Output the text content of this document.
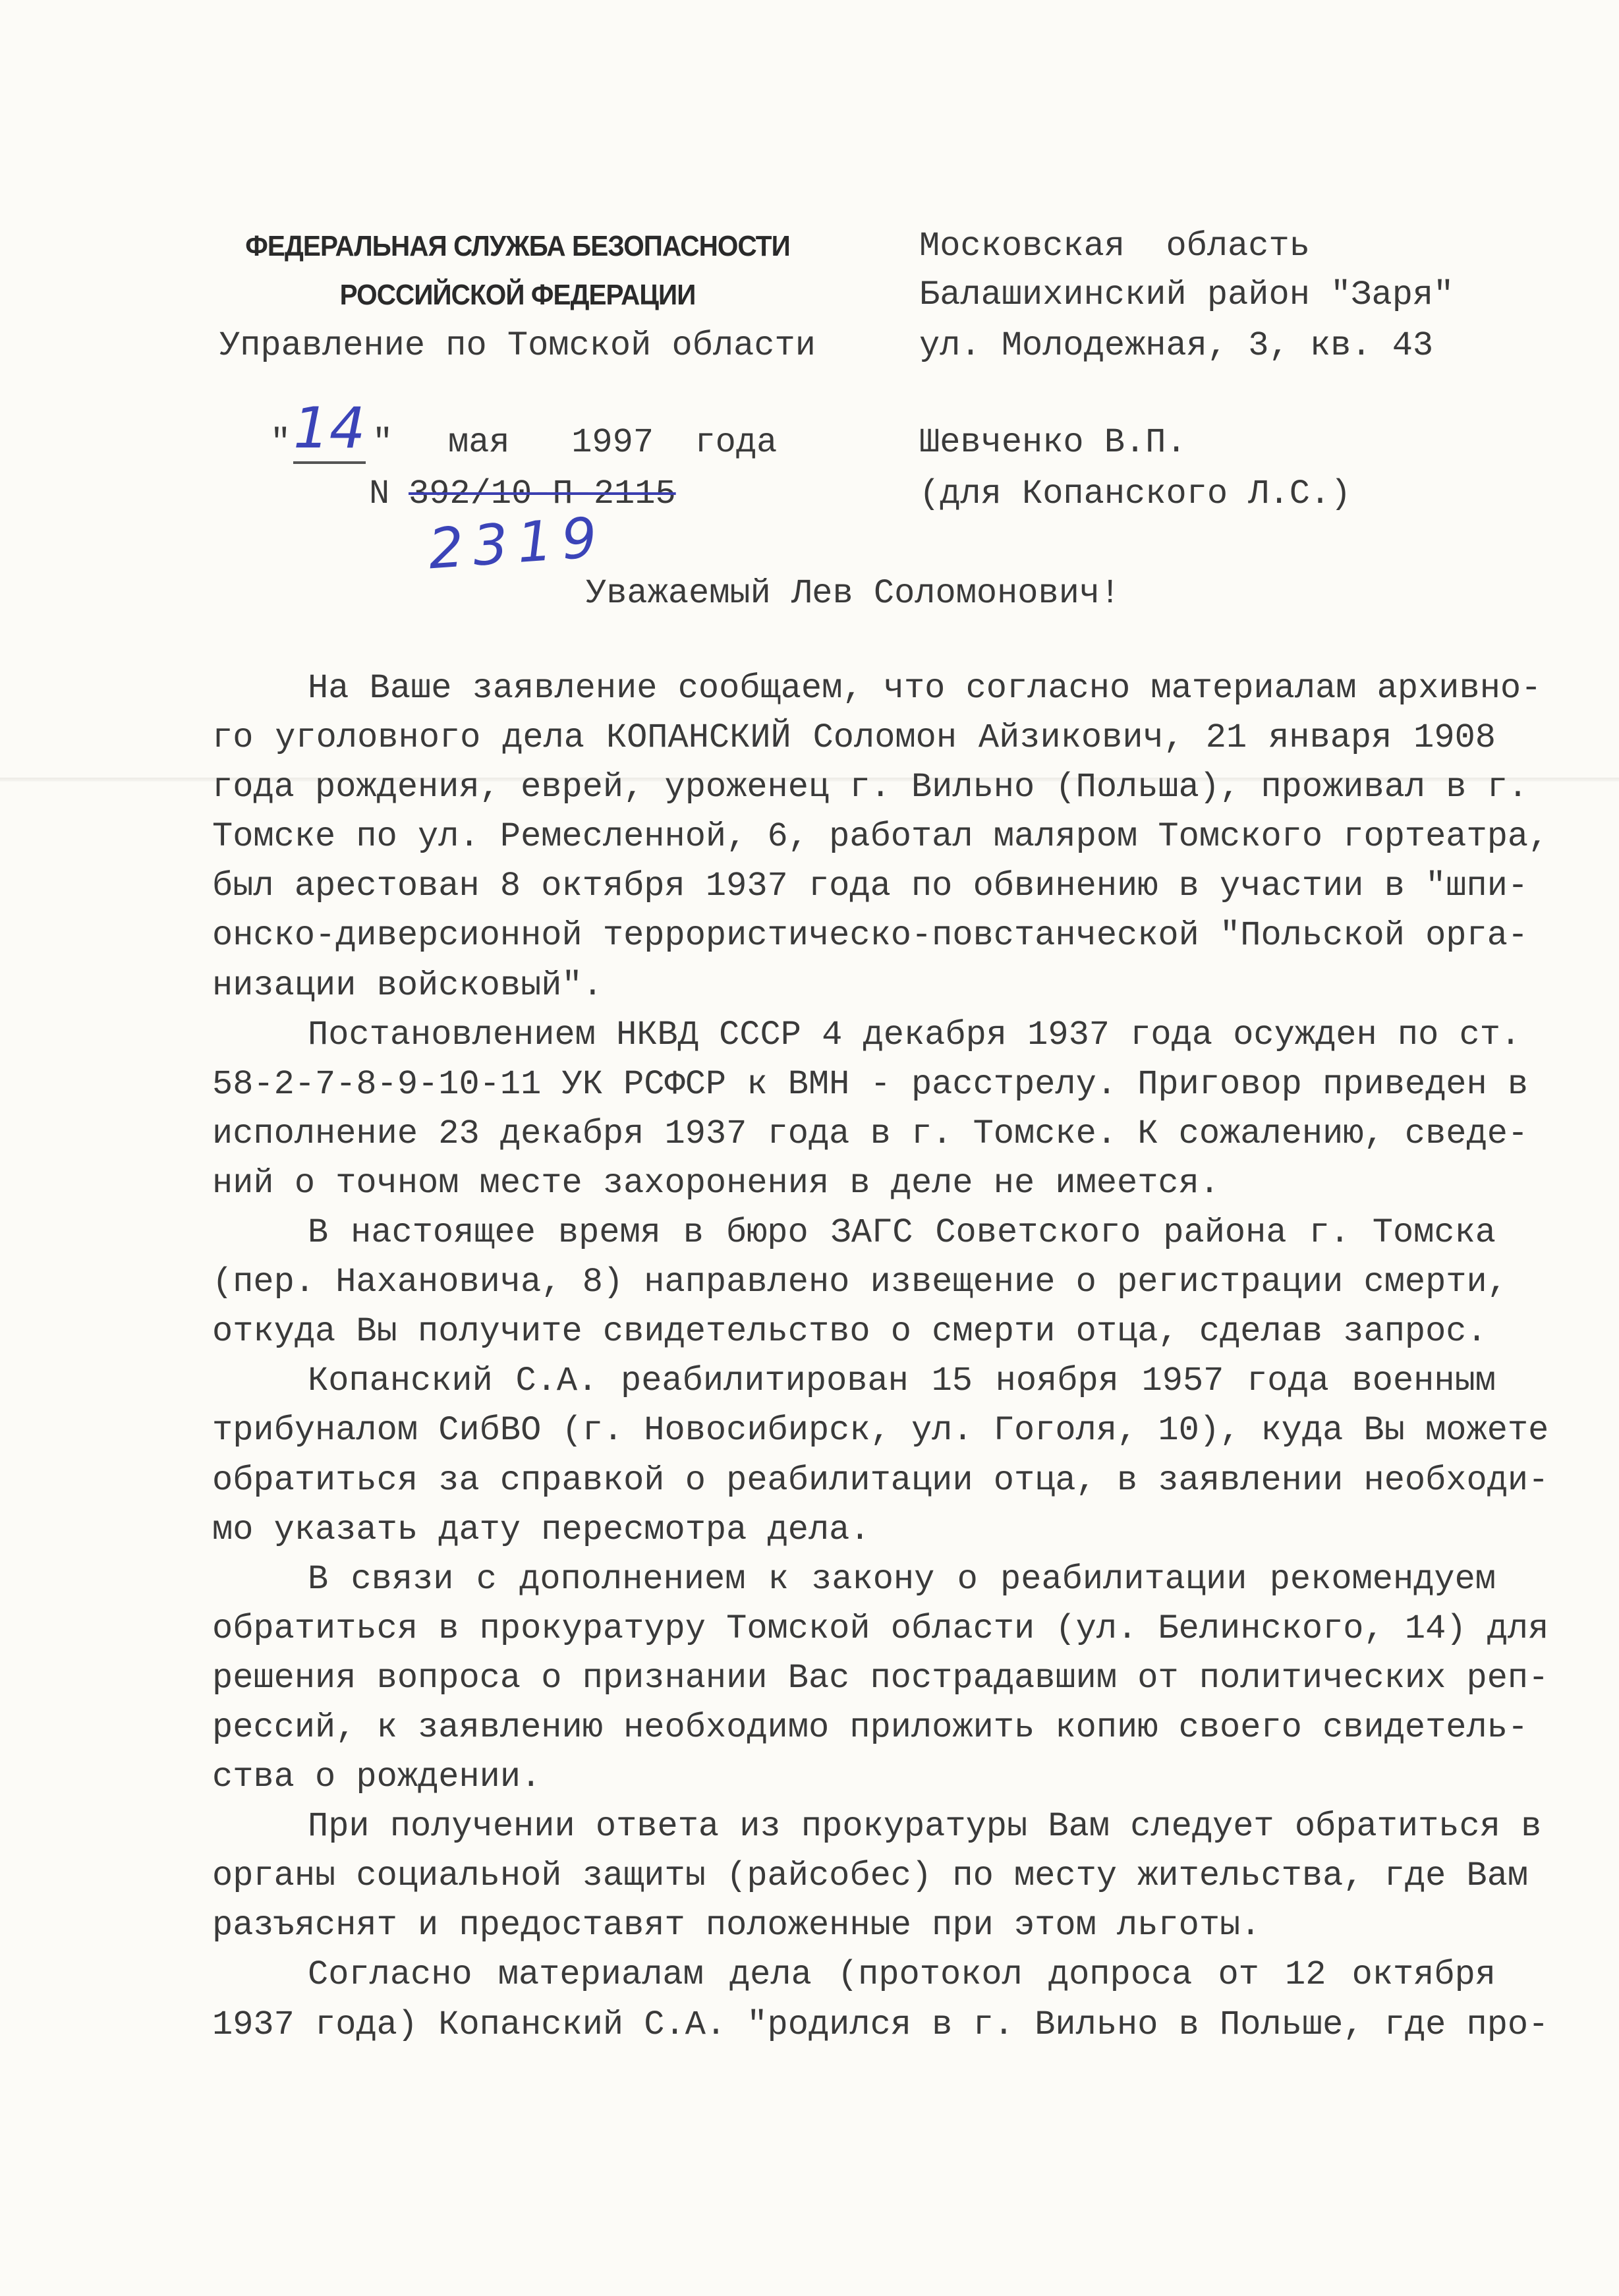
ФЕДЕРАЛЬНАЯ СЛУЖБА БЕЗОПАСНОСТИ
РОССИЙСКОЙ ФЕДЕРАЦИИ
Управление по Томской области
Московская  область
Балашихинский район "Заря"
ул. Молодежная, 3, кв. 43
Шевченко В.П.
(для Копанского Л.С.)
" 14 " мая   1997  года
N 392/10-П-2115
2319
Уважаемый Лев Соломонович!
На Ваше заявление сообщаем, что согласно материалам архивно-
го уголовного дела КОПАНСКИЙ Соломон Айзикович, 21 января 1908
года рождения, еврей, уроженец г. Вильно (Польша), проживал в г.
Томске по ул. Ремесленной, 6, работал маляром Томского гортеатра,
был арестован 8 октября 1937 года по обвинению в участии в "шпи-
онско-диверсионной террористическо-повстанческой "Польской орга-
низации войсковый".
Постановлением НКВД СССР 4 декабря 1937 года осужден по ст.
58-2-7-8-9-10-11 УК РСФСР к ВМН - расстрелу. Приговор приведен в
исполнение 23 декабря 1937 года в г. Томске. К сожалению, сведе-
ний о точном месте захоронения в деле не имеется.
В настоящее время в бюро ЗАГС Советского района г. Томска
(пер. Нахановича, 8) направлено извещение о регистрации смерти,
откуда Вы получите свидетельство о смерти отца, сделав запрос.
Копанский С.А. реабилитирован 15 ноября 1957 года военным
трибуналом СибВО (г. Новосибирск, ул. Гоголя, 10), куда Вы можете
обратиться за справкой о реабилитации отца, в заявлении необходи-
мо указать дату пересмотра дела.
В связи с дополнением к закону о реабилитации рекомендуем
обратиться в прокуратуру Томской области (ул. Белинского, 14) для
решения вопроса о признании Вас пострадавшим от политических реп-
рессий, к заявлению необходимо приложить копию своего свидетель-
ства о рождении.
При получении ответа из прокуратуры Вам следует обратиться в
органы социальной защиты (райсобес) по месту жительства, где Вам
разъяснят и предоставят положенные при этом льготы.
Согласно материалам дела (протокол допроса от 12 октября
1937 года) Копанский С.А. "родился в г. Вильно в Польше, где про-
